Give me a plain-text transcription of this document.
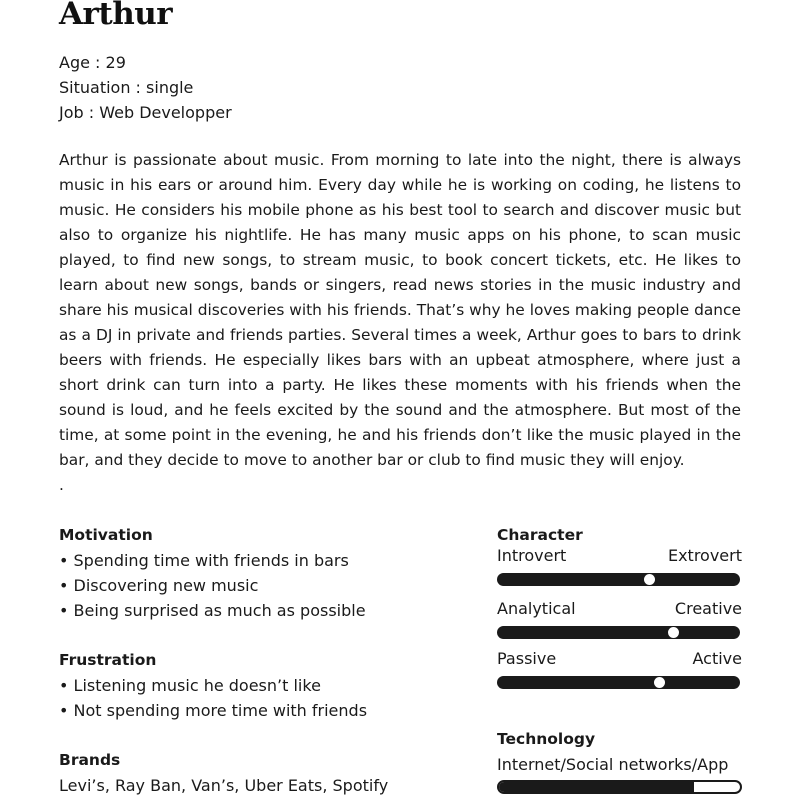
Arthur
Age : 29
Situation : single
Job : Web Developper

Arthur is passionate about music. From morning to late into the night, there is always music in his ears or around him. Every day while he is working on coding, he listens to music. He considers his mobile phone as his best tool to search and discover music but also to organize his nightlife. He has many music apps on his phone, to scan music played, to find new songs, to stream music, to book concert tickets, etc. He likes to learn about new songs, bands or singers, read news stories in the music industry and share his musical discoveries with his friends. That’s why he loves making people dance as a DJ in private and friends parties. Several times a week, Arthur goes to bars to drink beers with friends. He especially likes bars with an upbeat atmosphere, where just a short drink can turn into a party. He likes these moments with his friends when the sound is loud, and he feels excited by the sound and the atmosphere. But most of the time, at some point in the evening, he and his friends don’t like the music played in the bar, and they decide to move to another bar or club to find music they will enjoy.
.

Motivation
• Spending time with friends in bars
• Discovering new music
• Being surprised as much as possible
Frustration
• Listening music he doesn’t like
• Not spending more time with friends
Brands
Levi’s, Ray Ban, Van’s, Uber Eats, Spotify
Character
Introvert	Extrovert
Analytical	Creative
Passive	Active
Technology
Internet/Social networks/App
